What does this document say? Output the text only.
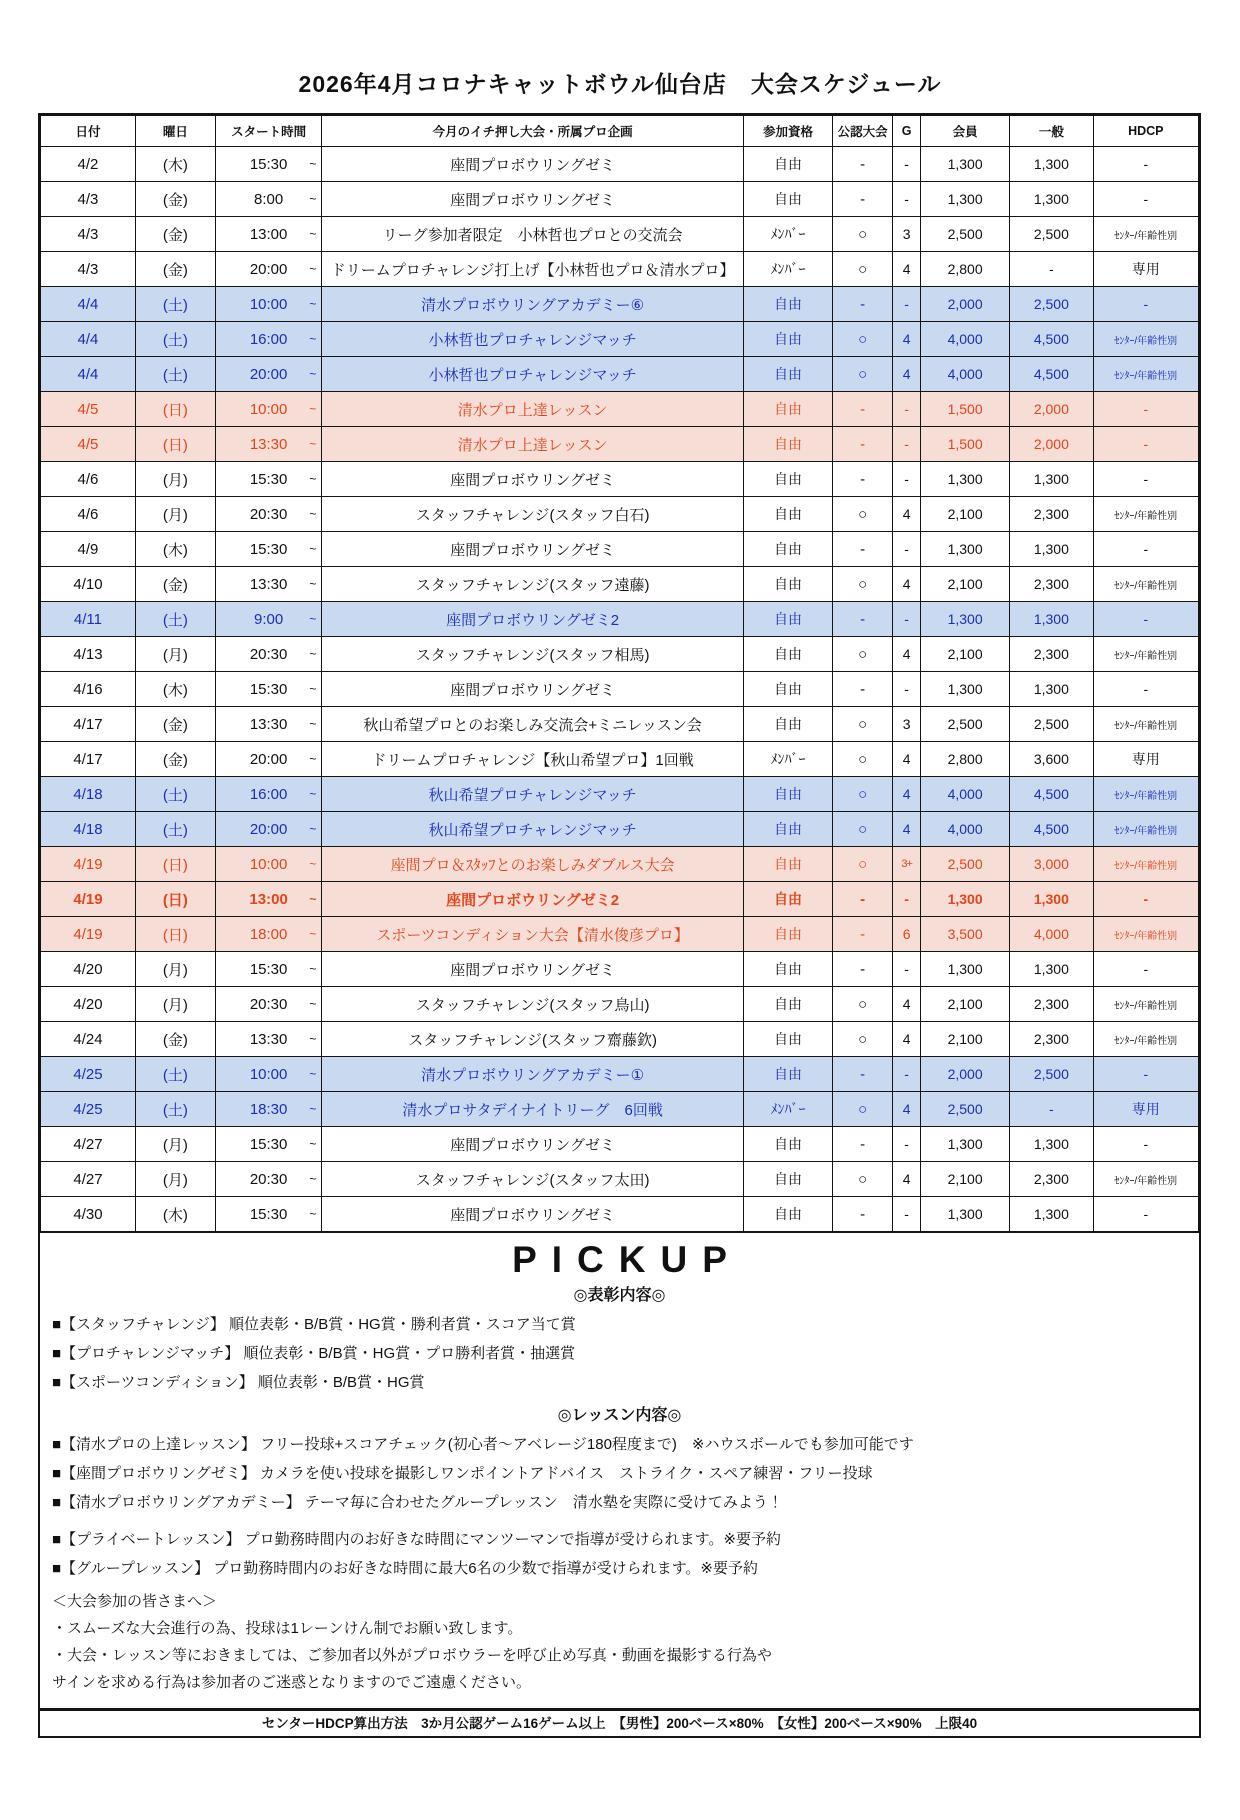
2026年4月コロナキャットボウル仙台店　大会スケジュール
日付	曜日	スタート時間	今月のイチ押し大会・所属プロ企画	参加資格	公認大会	G	会員	一般	HDCP
4/2	(木)	15:30 ~	座間プロボウリングゼミ	自由	-	-	1,300	1,300	-
4/3	(金)	8:00 ~	座間プロボウリングゼミ	自由	-	-	1,300	1,300	-
4/3	(金)	13:00 ~	リーグ参加者限定　小林哲也プロとの交流会	ﾒﾝﾊﾞｰ	○	3	2,500	2,500	ｾﾝﾀｰ/年齢性別
4/3	(金)	20:00 ~	ドリームプロチャレンジ打上げ【小林哲也プロ＆清水プロ】	ﾒﾝﾊﾞｰ	○	4	2,800	-	専用
4/4	(土)	10:00 ~	清水プロボウリングアカデミー⑥	自由	-	-	2,000	2,500	-
4/4	(土)	16:00 ~	小林哲也プロチャレンジマッチ	自由	○	4	4,000	4,500	ｾﾝﾀｰ/年齢性別
4/4	(土)	20:00 ~	小林哲也プロチャレンジマッチ	自由	○	4	4,000	4,500	ｾﾝﾀｰ/年齢性別
4/5	(日)	10:00 ~	清水プロ上達レッスン	自由	-	-	1,500	2,000	-
4/5	(日)	13:30 ~	清水プロ上達レッスン	自由	-	-	1,500	2,000	-
4/6	(月)	15:30 ~	座間プロボウリングゼミ	自由	-	-	1,300	1,300	-
4/6	(月)	20:30 ~	スタッフチャレンジ(スタッフ白石)	自由	○	4	2,100	2,300	ｾﾝﾀｰ/年齢性別
4/9	(木)	15:30 ~	座間プロボウリングゼミ	自由	-	-	1,300	1,300	-
4/10	(金)	13:30 ~	スタッフチャレンジ(スタッフ遠藤)	自由	○	4	2,100	2,300	ｾﾝﾀｰ/年齢性別
4/11	(土)	9:00 ~	座間プロボウリングゼミ2	自由	-	-	1,300	1,300	-
4/13	(月)	20:30 ~	スタッフチャレンジ(スタッフ相馬)	自由	○	4	2,100	2,300	ｾﾝﾀｰ/年齢性別
4/16	(木)	15:30 ~	座間プロボウリングゼミ	自由	-	-	1,300	1,300	-
4/17	(金)	13:30 ~	秋山希望プロとのお楽しみ交流会+ミニレッスン会	自由	○	3	2,500	2,500	ｾﾝﾀｰ/年齢性別
4/17	(金)	20:00 ~	ドリームプロチャレンジ【秋山希望プロ】1回戦	ﾒﾝﾊﾞｰ	○	4	2,800	3,600	専用
4/18	(土)	16:00 ~	秋山希望プロチャレンジマッチ	自由	○	4	4,000	4,500	ｾﾝﾀｰ/年齢性別
4/18	(土)	20:00 ~	秋山希望プロチャレンジマッチ	自由	○	4	4,000	4,500	ｾﾝﾀｰ/年齢性別
4/19	(日)	10:00 ~	座間プロ＆ｽﾀｯﾌとのお楽しみダブルス大会	自由	○	3+	2,500	3,000	ｾﾝﾀｰ/年齢性別
4/19	(日)	13:00 ~	座間プロボウリングゼミ2	自由	-	-	1,300	1,300	-
4/19	(日)	18:00 ~	スポーツコンディション大会【清水俊彦プロ】	自由	-	6	3,500	4,000	ｾﾝﾀｰ/年齢性別
4/20	(月)	15:30 ~	座間プロボウリングゼミ	自由	-	-	1,300	1,300	-
4/20	(月)	20:30 ~	スタッフチャレンジ(スタッフ鳥山)	自由	○	4	2,100	2,300	ｾﾝﾀｰ/年齢性別
4/24	(金)	13:30 ~	スタッフチャレンジ(スタッフ齋藤欽)	自由	○	4	2,100	2,300	ｾﾝﾀｰ/年齢性別
4/25	(土)	10:00 ~	清水プロボウリングアカデミー①	自由	-	-	2,000	2,500	-
4/25	(土)	18:30 ~	清水プロサタデイナイトリーグ　6回戦	ﾒﾝﾊﾞｰ	○	4	2,500	-	専用
4/27	(月)	15:30 ~	座間プロボウリングゼミ	自由	-	-	1,300	1,300	-
4/27	(月)	20:30 ~	スタッフチャレンジ(スタッフ太田)	自由	○	4	2,100	2,300	ｾﾝﾀｰ/年齢性別
4/30	(木)	15:30 ~	座間プロボウリングゼミ	自由	-	-	1,300	1,300	-
PICKUP
◎表彰内容◎
■【スタッフチャレンジ】 順位表彰・B/B賞・HG賞・勝利者賞・スコア当て賞
■【プロチャレンジマッチ】 順位表彰・B/B賞・HG賞・プロ勝利者賞・抽選賞
■【スポーツコンディション】 順位表彰・B/B賞・HG賞
◎レッスン内容◎
■【清水プロの上達レッスン】 フリー投球+スコアチェック(初心者～アベレージ180程度まで)　※ハウスボールでも参加可能です
■【座間プロボウリングゼミ】 カメラを使い投球を撮影しワンポイントアドバイス　ストライク・スペア練習・フリー投球
■【清水プロボウリングアカデミー】 テーマ毎に合わせたグループレッスン　清水塾を実際に受けてみよう！
■【プライベートレッスン】 プロ勤務時間内のお好きな時間にマンツーマンで指導が受けられます。※要予約
■【グループレッスン】 プロ勤務時間内のお好きな時間に最大6名の少数で指導が受けられます。※要予約
＜大会参加の皆さまへ＞
・スムーズな大会進行の為、投球は1レーンけん制でお願い致します。
・大会・レッスン等におきましては、ご参加者以外がプロボウラーを呼び止め写真・動画を撮影する行為や
サインを求める行為は参加者のご迷惑となりますのでご遠慮ください。
センターHDCP算出方法　3か月公認ゲーム16ゲーム以上　【男性】200ベース×80%　【女性】200ベース×90%　上限40
